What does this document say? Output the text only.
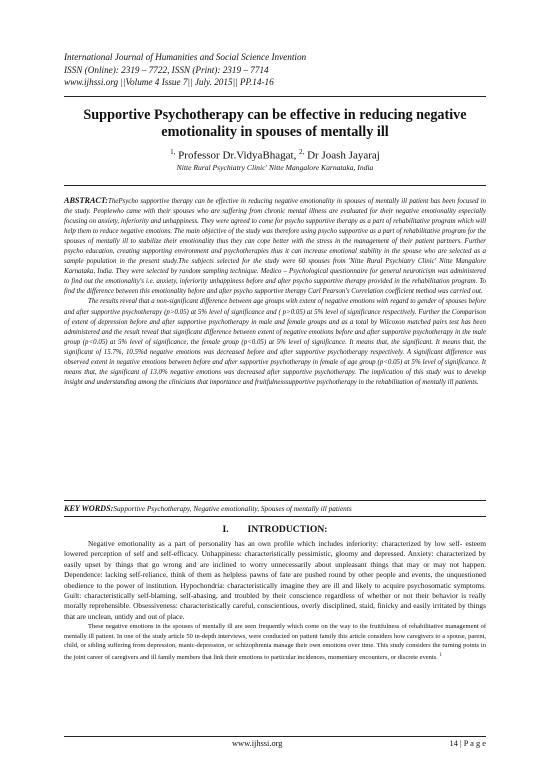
International Journal of Humanities and Social Science Invention
ISSN (Online): 2319 – 7722, ISSN (Print): 2319 – 7714
www.ijhssi.org ||Volume 4 Issue 7|| July. 2015|| PP.14-16
Supportive Psychotherapy can be effective in reducing negative emotionality in spouses of mentally ill
$^{1,}$ Professor Dr.VidyaBhagat, $^{2,}$ Dr Joash Jayaraj
Nitte Rural Psychiatry Clinic' Nitte Mangalore Karnataka, India

ABSTRACT:ThePsycho supportive therapy can be effective in reducing negative emotionality in spouses of mentally ill patient has been focused in the study. Peoplewho came with their spouses who are suffering from chronic mental illness are evaluated for their negative emotionality especially focusing on anxiety, inferiority and unhappiness. They were agreed to come for psycho supportive therapy as a part of rehabilitative program which will help them to reduce negative emotions. The main objective of the study was therefore using psycho supportive as a part of rehabilitative program for the spouses of mentally ill to stabilize their emotionality thus they can cope better with the stress in the management of their patient partners. Further psycho education, creating supporting environment and psychotherapies thus it can increase emotional stability in the spouse who are selected as a sample population in the present study.The subjects selected for the study were 60 spouses from 'Nitte Rural Psychiatry Clinic' Nitte Mangalore Karnataka, India. They were selected by random sampling technique. Medico – Psychological questionnaire for general neuroticism was administered to find out the emotionality's i.e. anxiety, inferiority unhappiness before and after psycho supportive therapy provided in the rehabilitation program. To find the difference between this emotionality before and after psycho supportive therapy Carl Pearson's Correlation coefficient method was carried out.

The results reveal that a non-significant difference between age groups with extent of negative emotions with regard to gender of spouses before and after supportive psychotherapy (p>0.05) at 5% level of significance and ( p>0.05) at 5% level of significance respectively. Further the Comparison of extent of depression before and after supportive psychotherapy in male and female groups and as a total by Wilcoxon matched pairs test has been administered and the result reveal that significant difference between extent of negative emotions before and after supportive psychotherapy in the male group (p<0.05) at 5% level of significance, the female group (p<0.05) at 5% level of significance. It means that, the significant. It means that, the significant of 15.7%, 10.5%d negative emotions was decreased before and after supportive psychotherapy respectively. A significant difference was observed extent in negative emotions between before and after supportive psychotherapy in female of age group (p<0.05) at 5% level of significance. It means that, the significant of 13.0% negative emotions was decreased after supportive psychotherapy. The implication of this study was to develop insight and understanding among the clinicians that importance and fruitfulnesssupportive psychotherapy in the rehabilitation of mentally ill patients.

KEY WORDS:Supportive Psychotherapy, Negative emotionality, Spouses of mentally ill patients
I. INTRODUCTION:

Negative emotionality as a part of personality has an own profile which includes inferiority: characterized by low self- esteem lowered perception of self and self-efficacy. Unhappiness: characteristically pessimistic, gloomy and depressed. Anxiety: characterized by easily upset by things that go wrong and are inclined to worry unnecessarily about unpleasant things that may or may not happen. Dependence: lacking self-reliance, think of them as helpless pawns of fate are pushed round by other people and events, the unquestioned obedience to the power of institution. Hypochondria: characteristically imagine they are ill and likely to acquire psychosomatic symptoms. Guilt: characteristically self-blaming, self-abasing, and troubled by their conscience regardless of whether or not their behavior is really morally reprehensible. Obsessiveness: characteristically careful, conscientious, overly disciplined, staid, finicky and easily irritated by things that are unclean, untidy and out of place.

These negative emotions in the spouses of mentally ill are seen frequently which come on the way to the fruitfulness of rehabilitative management of mentally ill patient. In one of the study article 50 in-depth interviews, were conducted on patient family this article considers how caregivers to a spouse, parent, child, or sibling suffering from depression, manic-depression, or schizophrenia manage their own emotions over time. This study considers the turning points in the joint career of caregivers and ill family members that link their emotions to particular incidences, momentary encounters, or discrete events. $^1$

www.ijhssi.org	14 | P a g e
